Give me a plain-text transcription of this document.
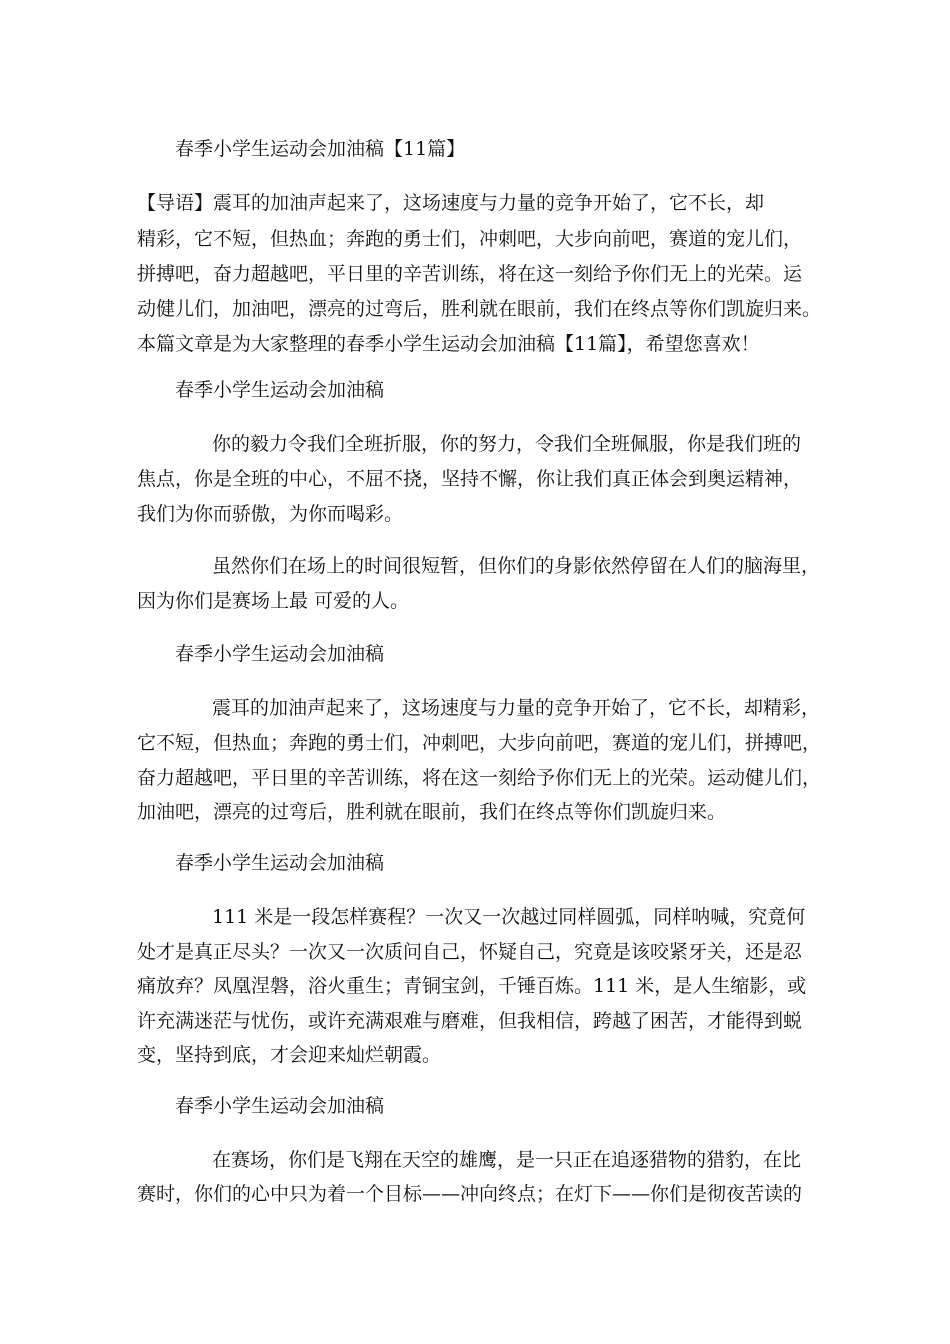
春季小学生运动会加油稿【11篇】

【导语】震耳的加油声起来了，这场速度与力量的竞争开始了，它不长，却

精彩，它不短，但热血；奔跑的勇士们，冲刺吧，大步向前吧，赛道的宠儿们，

拼搏吧，奋力超越吧，平日里的辛苦训练，将在这一刻给予你们无上的光荣。运

动健儿们，加油吧，漂亮的过弯后，胜利就在眼前，我们在终点等你们凯旋归来。

本篇文章是为大家整理的春季小学生运动会加油稿【11篇】，希望您喜欢！

春季小学生运动会加油稿

你的毅力令我们全班折服，你的努力，令我们全班佩服，你是我们班的

焦点，你是全班的中心，不屈不挠，坚持不懈，你让我们真正体会到奥运精神，

我们为你而骄傲，为你而喝彩。

虽然你们在场上的时间很短暂，但你们的身影依然停留在人们的脑海里，

因为你们是赛场上最 可爱的人。

春季小学生运动会加油稿

震耳的加油声起来了，这场速度与力量的竞争开始了，它不长，却精彩，

它不短，但热血；奔跑的勇士们，冲刺吧，大步向前吧，赛道的宠儿们，拼搏吧，

奋力超越吧，平日里的辛苦训练，将在这一刻给予你们无上的光荣。运动健儿们，

加油吧，漂亮的过弯后，胜利就在眼前，我们在终点等你们凯旋归来。

春季小学生运动会加油稿

111 米是一段怎样赛程？一次又一次越过同样圆弧，同样呐喊，究竟何

处才是真正尽头？一次又一次质问自己，怀疑自己，究竟是该咬紧牙关，还是忍

痛放弃？凤凰涅磐，浴火重生；青铜宝剑，千锤百炼。111 米，是人生缩影，或

许充满迷茫与忧伤，或许充满艰难与磨难，但我相信，跨越了困苦，才能得到蜕

变，坚持到底，才会迎来灿烂朝霞。

春季小学生运动会加油稿

在赛场，你们是飞翔在天空的雄鹰，是一只正在追逐猎物的猎豹，在比

赛时，你们的心中只为着一个目标——冲向终点；在灯下——你们是彻夜苦读的
